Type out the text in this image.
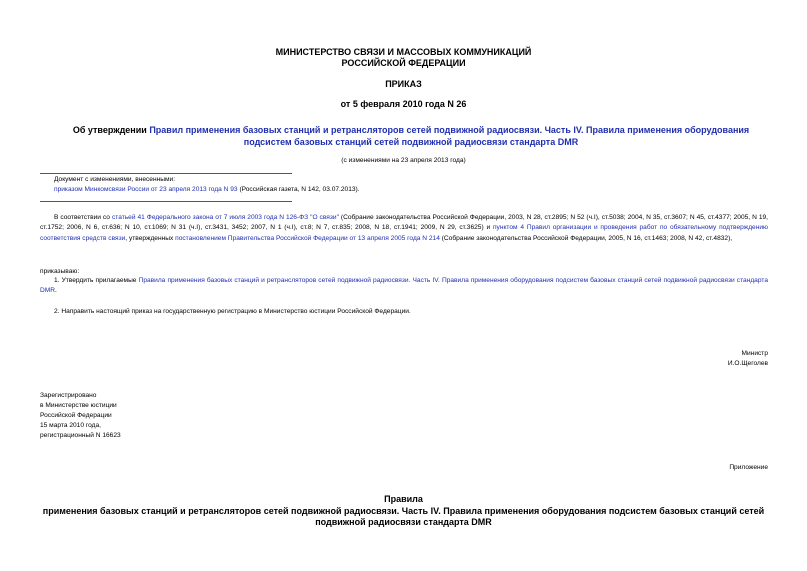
МИНИСТЕРСТВО СВЯЗИ И МАССОВЫХ КОММУНИКАЦИЙ
РОССИЙСКОЙ ФЕДЕРАЦИИ
ПРИКАЗ
от 5 февраля 2010 года N 26
Об утверждении Правил применения базовых станций и ретрансляторов сетей подвижной радиосвязи. Часть IV. Правила применения оборудования подсистем базовых станций сетей подвижной радиосвязи стандарта DMR
(с изменениями на 23 апреля 2013 года)
Документ с изменениями, внесенными:
приказом Минкомсвязи России от 23 апреля 2013 года N 93 (Российская газета, N 142, 03.07.2013).
В соответствии со статьей 41 Федерального закона от 7 июля 2003 года N 126-ФЗ "О связи" (Собрание законодательства Российской Федерации, 2003, N 28, ст.2895; N 52 (ч.I), ст.5038; 2004, N 35, ст.3607; N 45, ст.4377; 2005, N 19, ст.1752; 2006, N 6, ст.636; N 10, ст.1069; N 31 (ч.I), ст.3431, 3452; 2007, N 1 (ч.I), ст.8; N 7, ст.835; 2008, N 18, ст.1941; 2009, N 29, ст.3625) и пунктом 4 Правил организации и проведения работ по обязательному подтверждению соответствия средств связи, утвержденных постановлением Правительства Российской Федерации от 13 апреля 2005 года N 214 (Собрание законодательства Российской Федерации, 2005, N 16, ст.1463; 2008, N 42, ст.4832),
приказываю:
1. Утвердить прилагаемые Правила применения базовых станций и ретрансляторов сетей подвижной радиосвязи. Часть IV. Правила применения оборудования подсистем базовых станций сетей подвижной радиосвязи стандарта DMR.
2. Направить настоящий приказ на государственную регистрацию в Министерство юстиции Российской Федерации.
Министр
И.О.Щеголев
Зарегистрировано
в Министерстве юстиции
Российской Федерации
15 марта 2010 года,
регистрационный N 16623
Приложение
Правила
применения базовых станций и ретрансляторов сетей подвижной радиосвязи. Часть IV. Правила применения оборудования подсистем базовых станций сетей
подвижной радиосвязи стандарта DMR
